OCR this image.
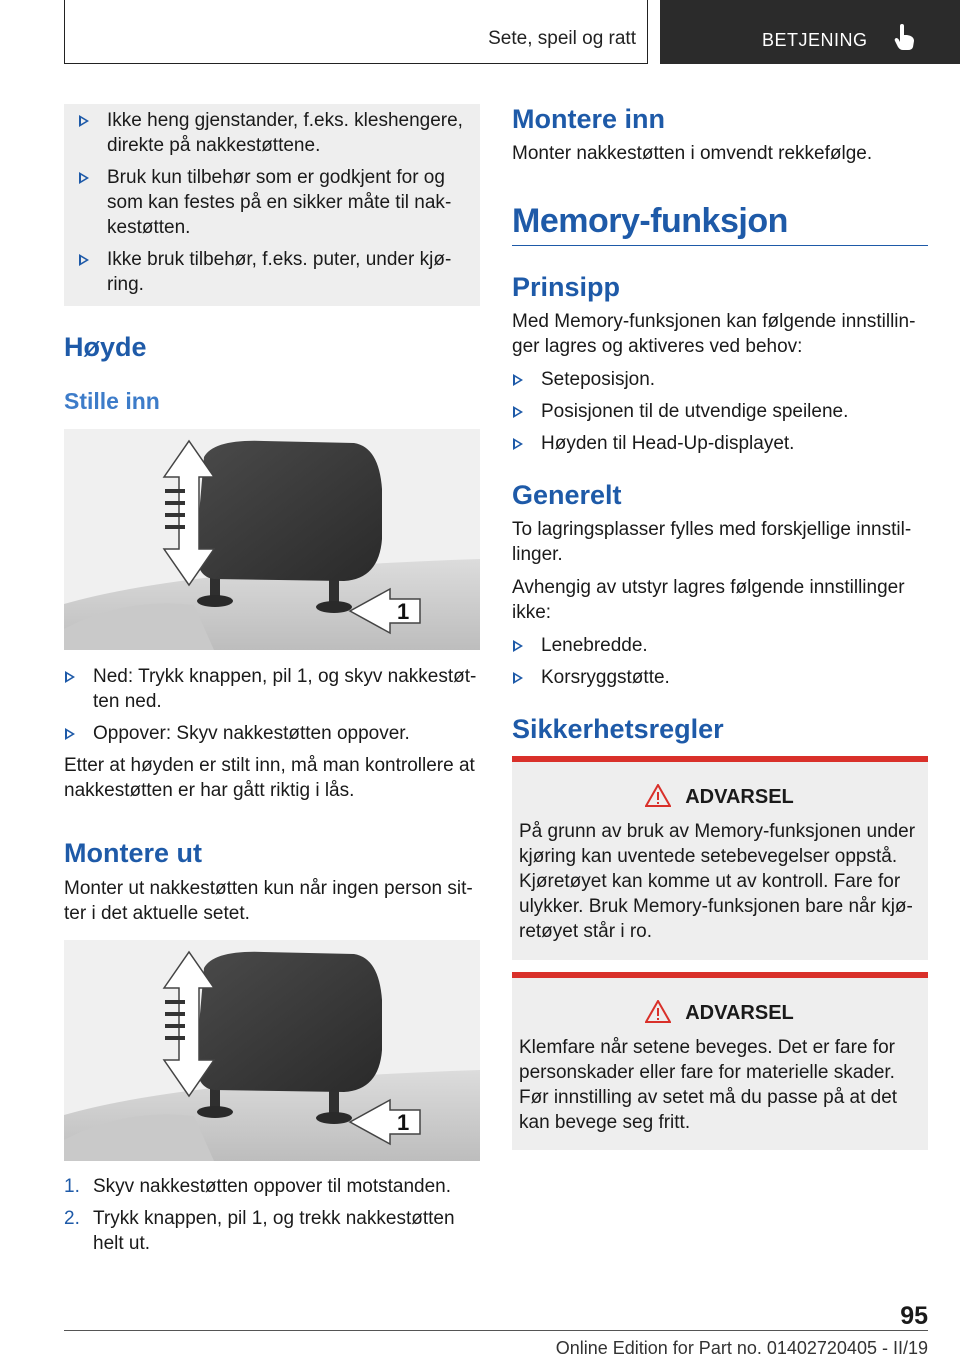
Sete, speil og ratt	BETJENING
Ikke heng gjenstander, f.eks. kleshengere, direkte på nakkestøttene.
Bruk kun tilbehør som er godkjent for og som kan festes på en sikker måte til nakkestøtten.
Ikke bruk tilbehør, f.eks. puter, under kjøring.
Høyde
Stille inn
1
Ned: Trykk knappen, pil 1, og skyv nakkestøtten ned.
Oppover: Skyv nakkestøtten oppover.

Etter at høyden er stilt inn, må man kontrollere at nakkestøtten er har gått riktig i lås.

Montere ut

Monter ut nakkestøtten kun når ingen person sitter i det aktuelle setet.

1
1. Skyv nakkestøtten oppover til motstanden.
2. Trykk knappen, pil 1, og trekk nakkestøtten helt ut.
Montere inn

Monter nakkestøtten i omvendt rekkefølge.

Memory-funksjon
Prinsipp

Med Memory-funksjonen kan følgende innstillinger lagres og aktiveres ved behov:

Seteposisjon.
Posisjonen til de utvendige speilene.
Høyden til Head-Up-displayet.
Generelt

To lagringsplasser fylles med forskjellige innstillinger.

Avhengig av utstyr lagres følgende innstillinger ikke:

Lenebredde.
Korsryggstøtte.
Sikkerhetsregler
ADVARSEL

På grunn av bruk av Memory-funksjonen under kjøring kan uventede setebevegelser oppstå. Kjøretøyet kan komme ut av kontroll. Fare for ulykker. Bruk Memory-funksjonen bare når kjøretøyet står i ro.

ADVARSEL

Klemfare når setene beveges. Det er fare for personskader eller fare for materielle skader. Før innstilling av setet må du passe på at det kan bevege seg fritt.

95
Online Edition for Part no. 01402720405 - II/19
